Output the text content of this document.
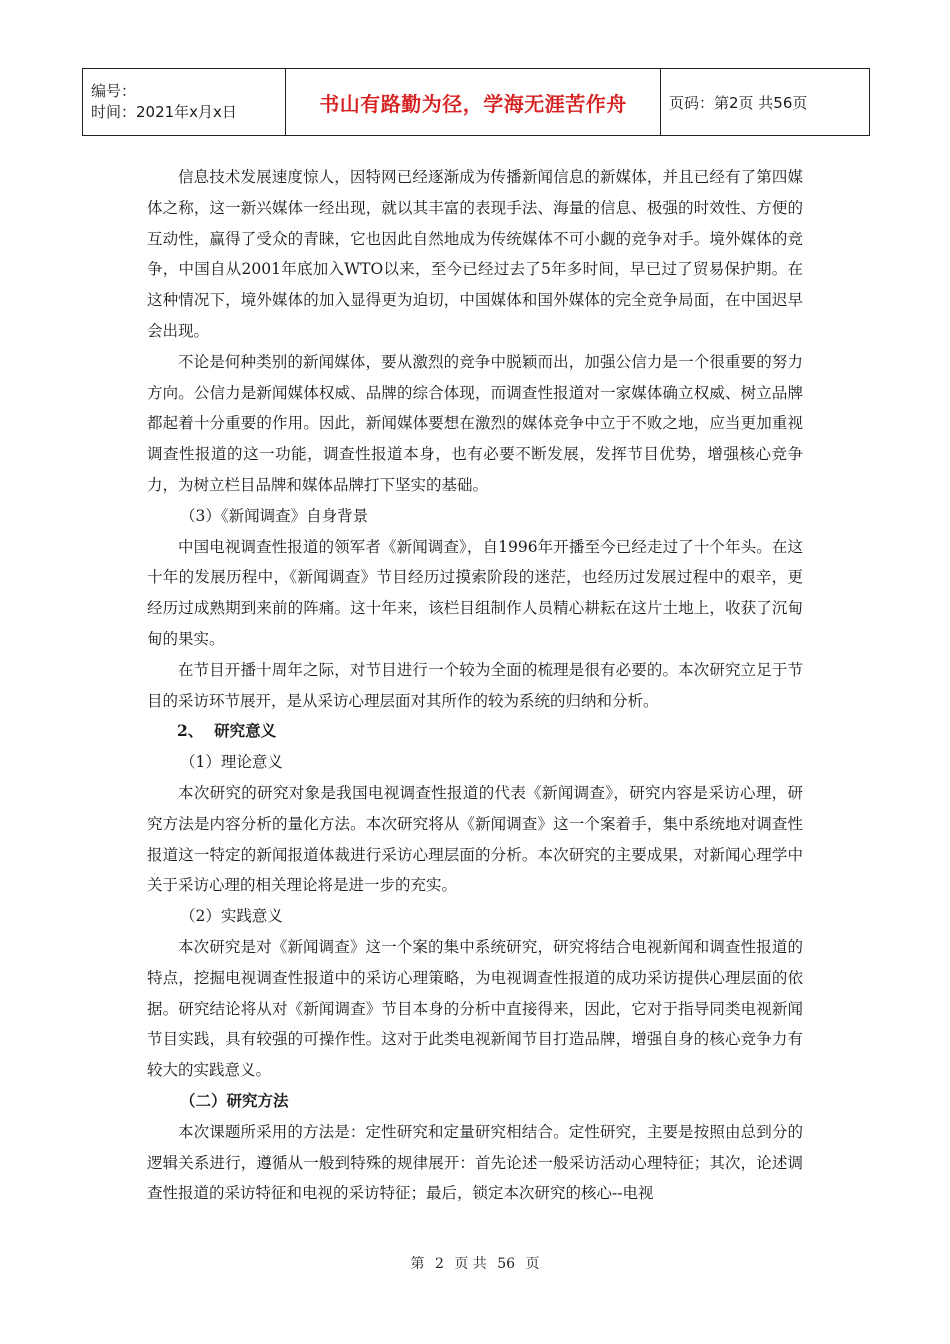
编号：
时间：2021年x月x日	书山有路勤为径，学海无涯苦作舟	页码：第2页 共56页

信息技术发展速度惊人，因特网已经逐渐成为传播新闻信息的新媒体，并且已经有了第四媒体之称，这一新兴媒体一经出现，就以其丰富的表现手法、海量的信息、极强的时效性、方便的互动性，赢得了受众的青睐，它也因此自然地成为传统媒体不可小觑的竞争对手。境外媒体的竞争，中国自从2001年底加入WTO以来，至今已经过去了5年多时间，早已过了贸易保护期。在这种情况下，境外媒体的加入显得更为迫切，中国媒体和国外媒体的完全竞争局面，在中国迟早会出现。

不论是何种类别的新闻媒体，要从激烈的竞争中脱颖而出，加强公信力是一个很重要的努力方向。公信力是新闻媒体权威、品牌的综合体现，而调查性报道对一家媒体确立权威、树立品牌都起着十分重要的作用。因此，新闻媒体要想在激烈的媒体竞争中立于不败之地，应当更加重视调查性报道的这一功能，调查性报道本身，也有必要不断发展，发挥节目优势，增强核心竞争力，为树立栏目品牌和媒体品牌打下坚实的基础。

（3）《新闻调查》自身背景

中国电视调查性报道的领军者《新闻调查》，自1996年开播至今已经走过了十个年头。在这十年的发展历程中，《新闻调查》节目经历过摸索阶段的迷茫，也经历过发展过程中的艰辛，更经历过成熟期到来前的阵痛。这十年来，该栏目组制作人员精心耕耘在这片土地上，收获了沉甸甸的果实。

在节目开播十周年之际，对节目进行一个较为全面的梳理是很有必要的。本次研究立足于节目的采访环节展开，是从采访心理层面对其所作的较为系统的归纳和分析。

2、  研究意义

（1）理论意义

本次研究的研究对象是我国电视调查性报道的代表《新闻调查》，研究内容是采访心理，研究方法是内容分析的量化方法。本次研究将从《新闻调查》这一个案着手，集中系统地对调查性报道这一特定的新闻报道体裁进行采访心理层面的分析。本次研究的主要成果，对新闻心理学中关于采访心理的相关理论将是进一步的充实。

（2）实践意义

本次研究是对《新闻调查》这一个案的集中系统研究，研究将结合电视新闻和调查性报道的特点，挖掘电视调查性报道中的采访心理策略，为电视调查性报道的成功采访提供心理层面的依据。研究结论将从对《新闻调查》节目本身的分析中直接得来，因此，它对于指导同类电视新闻节目实践，具有较强的可操作性。这对于此类电视新闻节目打造品牌，增强自身的核心竞争力有较大的实践意义。

（二）研究方法

本次课题所采用的方法是：定性研究和定量研究相结合。定性研究，主要是按照由总到分的逻辑关系进行，遵循从一般到特殊的规律展开：首先论述一般采访活动心理特征；其次，论述调查性报道的采访特征和电视的采访特征；最后，锁定本次研究的核心--电视

第 2 页 共 56 页
